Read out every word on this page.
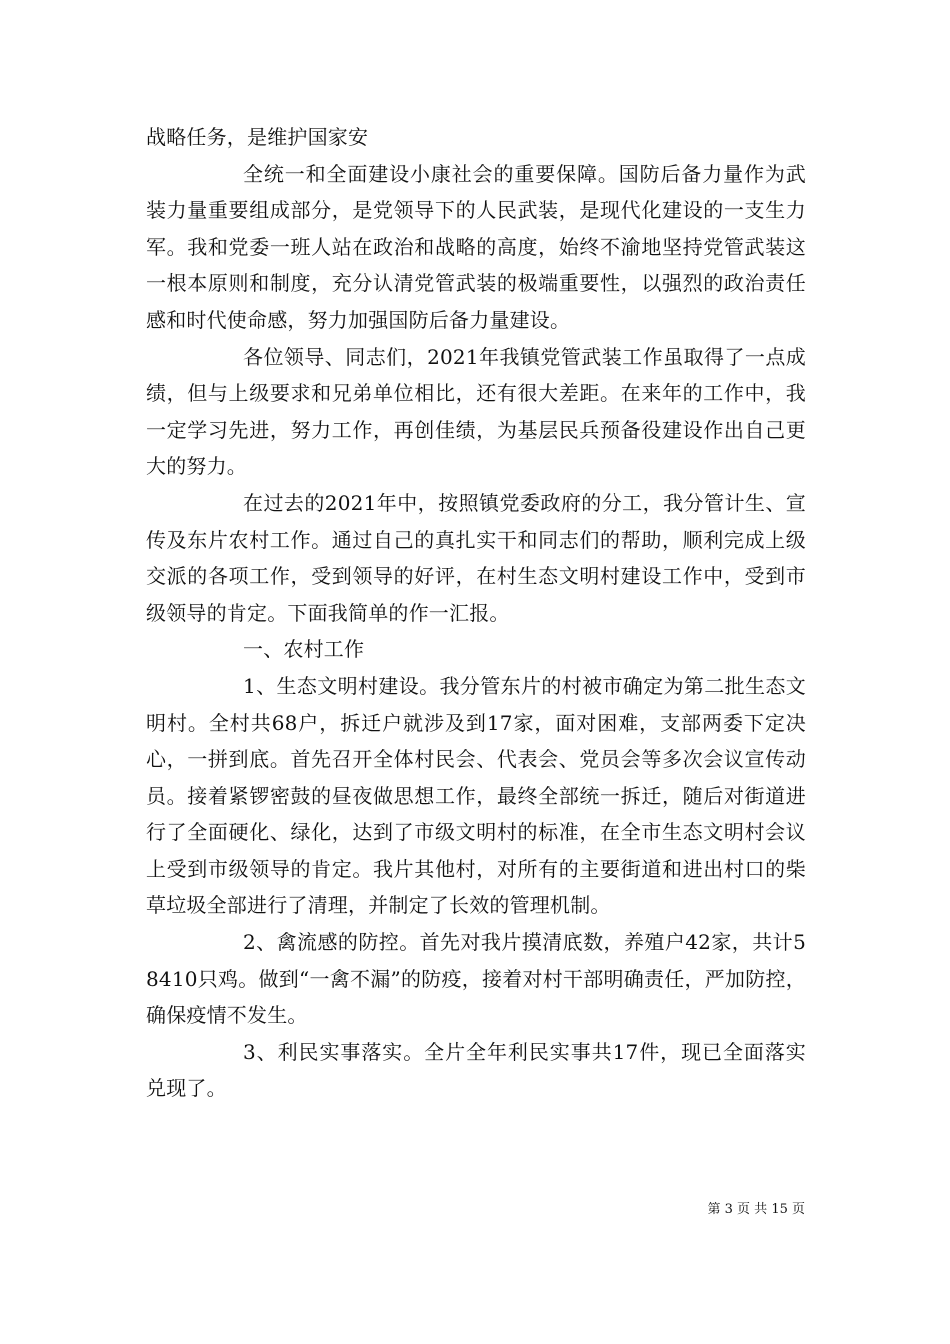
战略任务，是维护国家安

全统一和全面建设小康社会的重要保障。国防后备力量作为武装力量重要组成部分，是党领导下的人民武装，是现代化建设的一支生力军。我和党委一班人站在政治和战略的高度，始终不渝地坚持党管武装这一根本原则和制度，充分认清党管武装的极端重要性，以强烈的政治责任感和时代使命感，努力加强国防后备力量建设。

各位领导、同志们，2021年我镇党管武装工作虽取得了一点成绩，但与上级要求和兄弟单位相比，还有很大差距。在来年的工作中，我一定学习先进，努力工作，再创佳绩，为基层民兵预备役建设作出自己更大的努力。

在过去的2021年中，按照镇党委政府的分工，我分管计生、宣传及东片农村工作。通过自己的真扎实干和同志们的帮助，顺利完成上级交派的各项工作，受到领导的好评，在村生态文明村建设工作中，受到市级领导的肯定。下面我简单的作一汇报。

一、农村工作

1、生态文明村建设。我分管东片的村被市确定为第二批生态文明村。全村共68户，拆迁户就涉及到17家，面对困难，支部两委下定决心，一拼到底。首先召开全体村民会、代表会、党员会等多次会议宣传动员。接着紧锣密鼓的昼夜做思想工作，最终全部统一拆迁，随后对街道进行了全面硬化、绿化，达到了市级文明村的标准，在全市生态文明村会议上受到市级领导的肯定。我片其他村，对所有的主要街道和进出村口的柴草垃圾全部进行了清理，并制定了长效的管理机制。

2、禽流感的防控。首先对我片摸清底数，养殖户42家，共计58410只鸡。做到“一禽不漏”的防疫，接着对村干部明确责任，严加防控，确保疫情不发生。

3、利民实事落实。全片全年利民实事共17件，现已全面落实兑现了。

第 3 页 共 15 页
